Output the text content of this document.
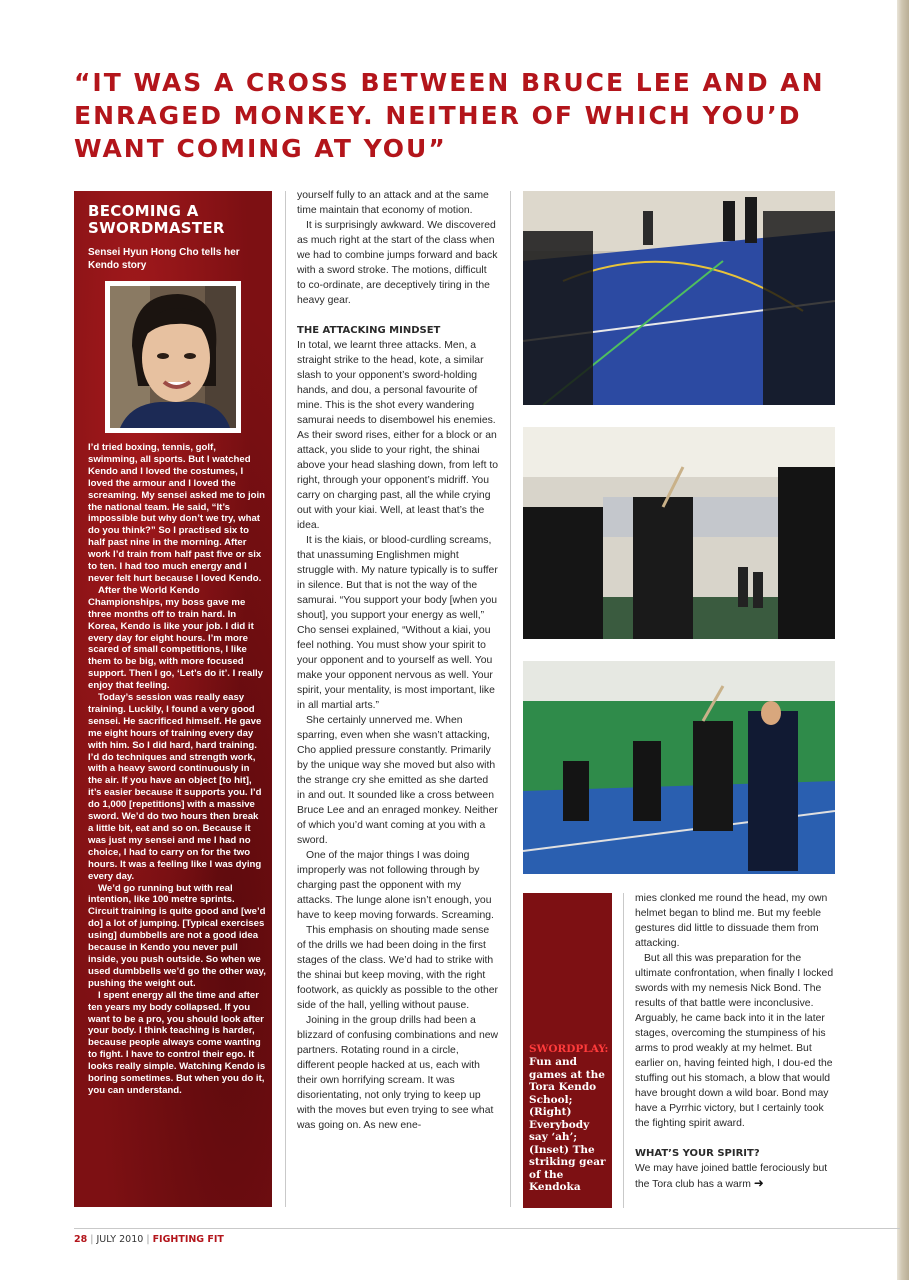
“IT WAS A CROSS BETWEEN BRUCE LEE AND AN ENRAGED MONKEY. NEITHER OF WHICH YOU’D WANT COMING AT YOU”
BECOMING A SWORDMASTER
Sensei Hyun Hong Cho tells her Kendo story

I’d tried boxing, tennis, golf, swimming, all sports. But I watched Kendo and I loved the costumes, I loved the armour and I loved the screaming. My sensei asked me to join the national team. He said, “It’s impossible but why don’t we try, what do you think?” So I practised six to half past nine in the morning. After work I’d train from half past five or six to ten. I had too much energy and I never felt hurt because I loved Kendo.

After the World Kendo Championships, my boss gave me three months off to train hard. In Korea, Kendo is like your job. I did it every day for eight hours. I’m more scared of small competitions, I like them to be big, with more focused support. Then I go, ‘Let’s do it’. I really enjoy that feeling.

Today’s session was really easy training. Luckily, I found a very good sensei. He sacrificed himself. He gave me eight hours of training every day with him. So I did hard, hard training. I’d do techniques and strength work, with a heavy sword continuously in the air. If you have an object [to hit], it’s easier because it supports you. I’d do 1,000 [repetitions] with a massive sword. We’d do two hours then break a little bit, eat and so on. Because it was just my sensei and me I had no choice, I had to carry on for the two hours. It was a feeling like I was dying every day.

We’d go running but with real intention, like 100 metre sprints. Circuit training is quite good and [we’d do] a lot of jumping. [Typical exercises using] dumbbells are not a good idea because in Kendo you never pull inside, you push outside. So when we used dumbbells we’d go the other way, pushing the weight out.

I spent energy all the time and after ten years my body collapsed. If you want to be a pro, you should look after your body. I think teaching is harder, because people always come wanting to fight. I have to control their ego. It looks really simple. Watching Kendo is boring sometimes. But when you do it, you can understand.

yourself fully to an attack and at the same time maintain that economy of motion.

It is surprisingly awkward. We discovered as much right at the start of the class when we had to combine jumps forward and back with a sword stroke. The motions, difficult to co-ordinate, are deceptively tiring in the heavy gear.

THE ATTACKING MINDSET

In total, we learnt three attacks. Men, a straight strike to the head, kote, a similar slash to your opponent’s sword-holding hands, and dou, a personal favourite of mine. This is the shot every wandering samurai needs to disembowel his enemies. As their sword rises, either for a block or an attack, you slide to your right, the shinai above your head slashing down, from left to right, through your opponent’s midriff. You carry on charging past, all the while crying out with your kiai. Well, at least that’s the idea.

It is the kiais, or blood-curdling screams, that unassuming Englishmen might struggle with. My nature typically is to suffer in silence. But that is not the way of the samurai. “You support your body [when you shout], you support your energy as well,” Cho sensei explained, “Without a kiai, you feel nothing. You must show your spirit to your opponent and to yourself as well. You make your opponent nervous as well. Your spirit, your mentality, is most important, like in all martial arts.”

She certainly unnerved me. When sparring, even when she wasn’t attacking, Cho applied pressure constantly. Primarily by the unique way she moved but also with the strange cry she emitted as she darted in and out. It sounded like a cross between Bruce Lee and an enraged monkey. Neither of which you’d want coming at you with a sword.

One of the major things I was doing improperly was not following through by charging past the opponent with my attacks. The lunge alone isn’t enough, you have to keep moving forwards. Screaming.

This emphasis on shouting made sense of the drills we had been doing in the first stages of the class. We’d had to strike with the shinai but keep moving, with the right footwork, as quickly as possible to the other side of the hall, yelling without pause.

Joining in the group drills had been a blizzard of confusing combinations and new partners. Rotating round in a circle, different people hacked at us, each with their own horrifying scream. It was disorientating, not only trying to keep up with the moves but even trying to see what was going on. As new ene-

SWORDPLAY:
Fun and games at the Tora Kendo School; (Right) Everybody say ‘ah’; (Inset) The striking gear of the Kendoka

mies clonked me round the head, my own helmet began to blind me. But my feeble gestures did little to dissuade them from attacking.

But all this was preparation for the ultimate confrontation, when finally I locked swords with my nemesis Nick Bond. The results of that battle were inconclusive. Arguably, he came back into it in the later stages, overcoming the stumpiness of his arms to prod weakly at my helmet. But earlier on, having feinted high, I dou-ed the stuffing out his stomach, a blow that would have brought down a wild boar. Bond may have a Pyrrhic victory, but I certainly took the fighting spirit award.

WHAT’S YOUR SPIRIT?

We may have joined battle ferociously but the Tora club has a warm ➜

28 | JULY 2010 | FIGHTING FIT
